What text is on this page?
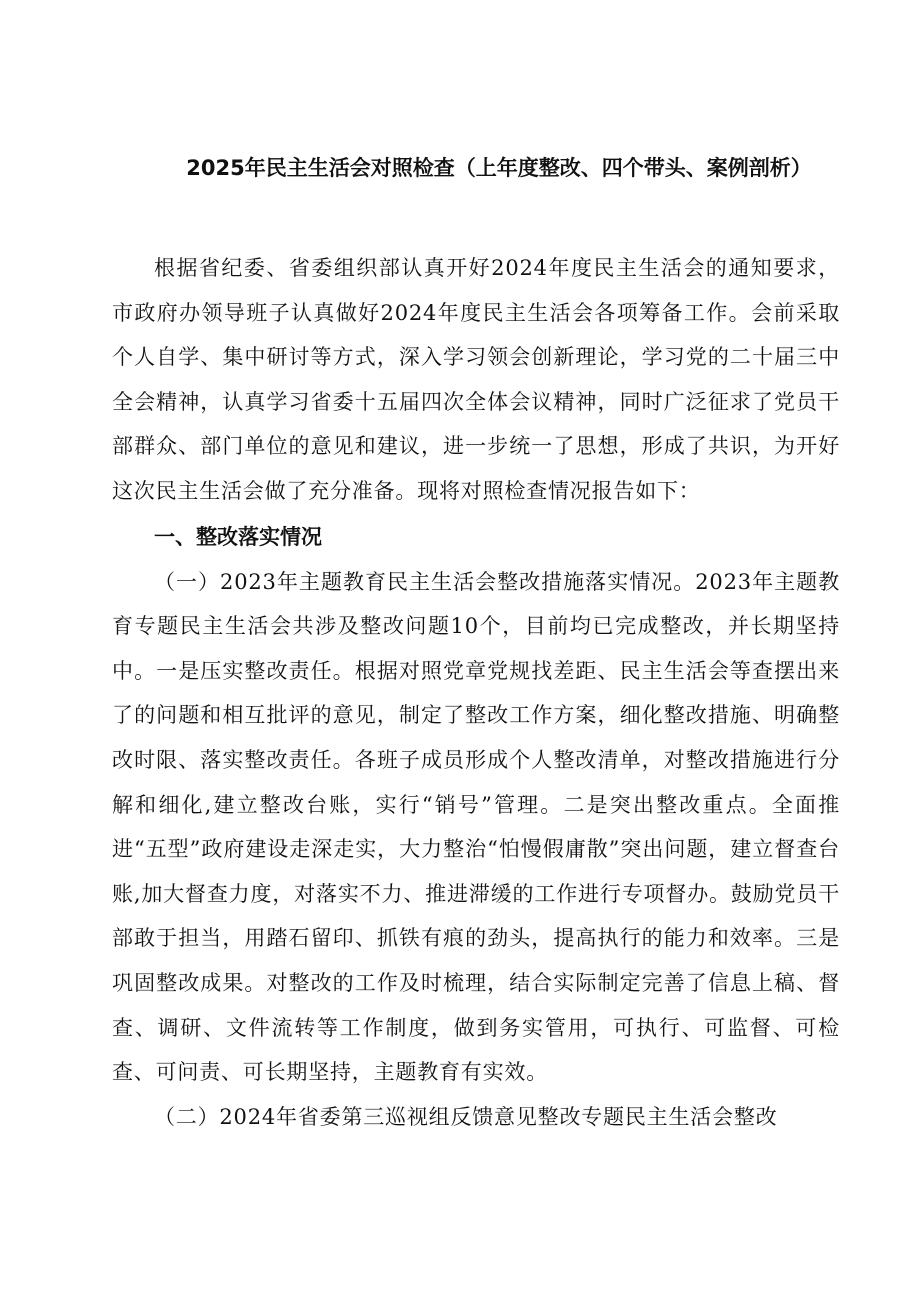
2025年民主生活会对照检查（上年度整改、四个带头、案例剖析）

根据省纪委、省委组织部认真开好2024年度民主生活会的通知要求，市政府办领导班子认真做好2024年度民主生活会各项筹备工作。会前采取个人自学、集中研讨等方式，深入学习领会创新理论，学习党的二十届三中全会精神，认真学习省委十五届四次全体会议精神，同时广泛征求了党员干部群众、部门单位的意见和建议，进一步统一了思想，形成了共识，为开好这次民主生活会做了充分准备。现将对照检查情况报告如下：

一、整改落实情况

（一）2023年主题教育民主生活会整改措施落实情况。2023年主题教育专题民主生活会共涉及整改问题10个，目前均已完成整改，并长期坚持中。一是压实整改责任。根据对照党章党规找差距、民主生活会等查摆出来了的问题和相互批评的意见，制定了整改工作方案，细化整改措施、明确整改时限、落实整改责任。各班子成员形成个人整改清单，对整改措施进行分解和细化,建立整改台账，实行“销号”管理。二是突出整改重点。全面推进“五型”政府建设走深走实，大力整治“怕慢假庸散”突出问题，建立督查台账,加大督查力度，对落实不力、推进滞缓的工作进行专项督办。鼓励党员干部敢于担当，用踏石留印、抓铁有痕的劲头，提高执行的能力和效率。三是巩固整改成果。对整改的工作及时梳理，结合实际制定完善了信息上稿、督查、调研、文件流转等工作制度，做到务实管用，可执行、可监督、可检查、可问责、可长期坚持，主题教育有实效。

（二）2024年省委第三巡视组反馈意见整改专题民主生活会整改
